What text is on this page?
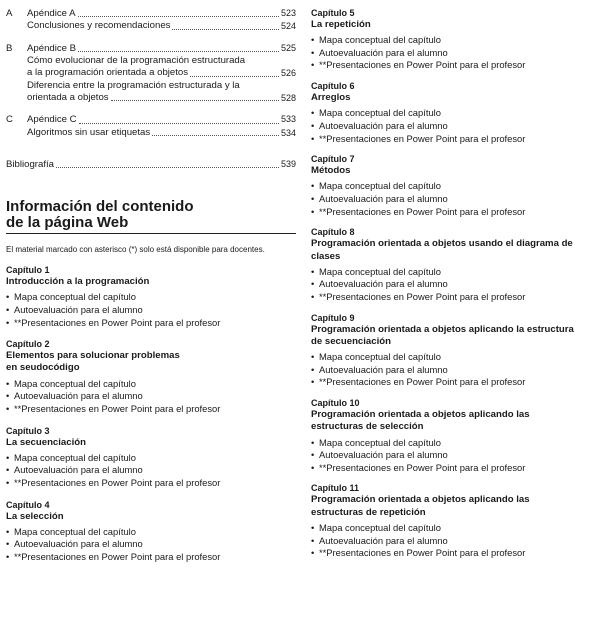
A	Apéndice A	523
Conclusiones y recomendaciones	524
B	Apéndice B	525
Cómo evolucionar de la programación estructurada
a la programación orientada a objetos	526
Diferencia entre la programación estructurada y la
orientada a objetos	528
C	Apéndice C	533
Algoritmos sin usar etiquetas	534
Bibliografía	539
Información del contenido
de la página Web
El material marcado con asterisco (*) solo está disponible para docentes.
Capítulo 1
Introducción a la programación
• Mapa conceptual del capítulo
• Autoevaluación para el alumno
• **Presentaciones en Power Point para el profesor
Capítulo 2
Elementos para solucionar problemas
en seudocódigo
• Mapa conceptual del capítulo
• Autoevaluación para el alumno
• **Presentaciones en Power Point para el profesor
Capítulo 3
La secuenciación
• Mapa conceptual del capítulo
• Autoevaluación para el alumno
• **Presentaciones en Power Point para el profesor
Capítulo 4
La selección
• Mapa conceptual del capítulo
• Autoevaluación para el alumno
• **Presentaciones en Power Point para el profesor
Capítulo 5
La repetición
• Mapa conceptual del capítulo
• Autoevaluación para el alumno
• **Presentaciones en Power Point para el profesor
Capítulo 6
Arreglos
• Mapa conceptual del capítulo
• Autoevaluación para el alumno
• **Presentaciones en Power Point para el profesor
Capítulo 7
Métodos
• Mapa conceptual del capítulo
• Autoevaluación para el alumno
• **Presentaciones en Power Point para el profesor
Capítulo 8
Programación orientada a objetos usando el diagrama de
clases
• Mapa conceptual del capítulo
• Autoevaluación para el alumno
• **Presentaciones en Power Point para el profesor
Capítulo 9
Programación orientada a objetos aplicando la estructura
de secuenciación
• Mapa conceptual del capítulo
• Autoevaluación para el alumno
• **Presentaciones en Power Point para el profesor
Capítulo 10
Programación orientada a objetos aplicando las
estructuras de selección
• Mapa conceptual del capítulo
• Autoevaluación para el alumno
• **Presentaciones en Power Point para el profesor
Capítulo 11
Programación orientada a objetos aplicando las
estructuras de repetición
• Mapa conceptual del capítulo
• Autoevaluación para el alumno
• **Presentaciones en Power Point para el profesor
